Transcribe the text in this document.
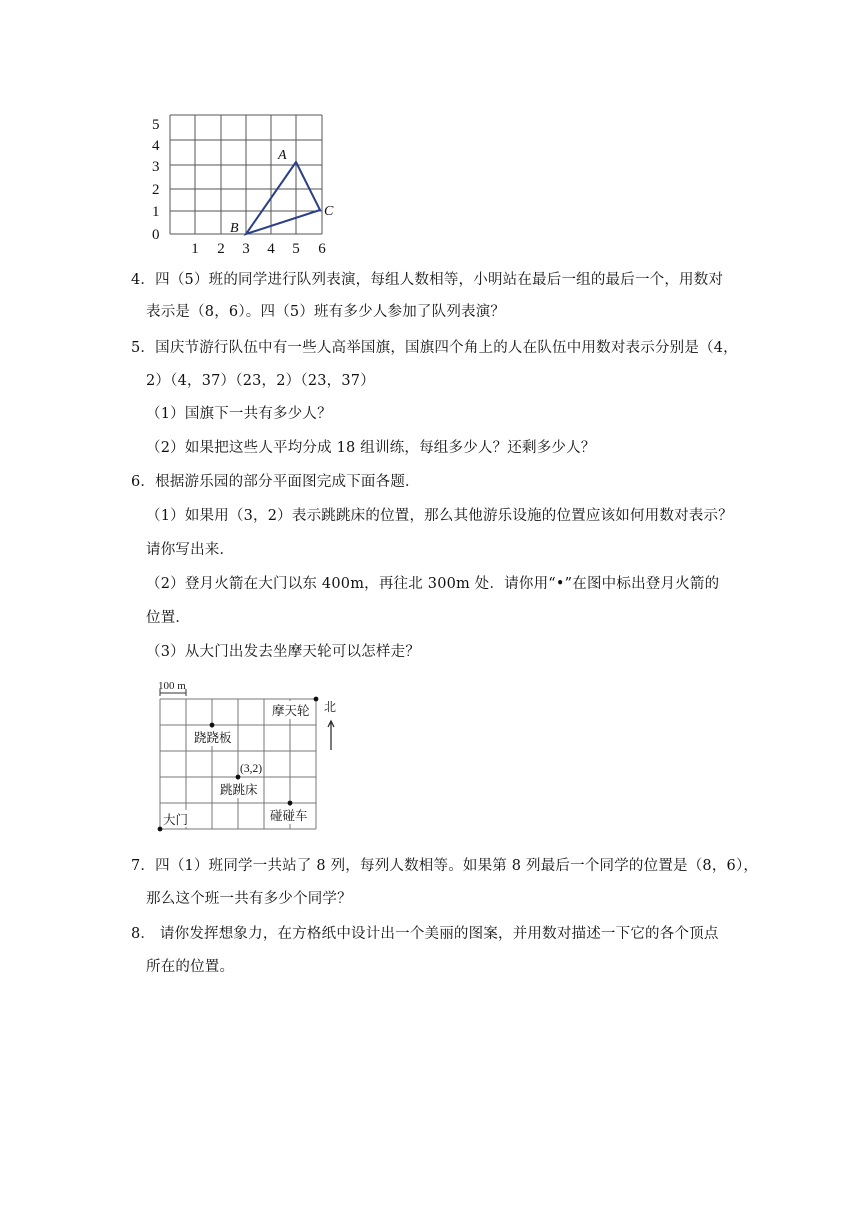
5
4
3
2
1
0
1 2 3 4 5 6
A
B
C
4．四（5）班的同学进行队列表演，每组人数相等，小明站在最后一组的最后一个，用数对
表示是（8，6）。四（5）班有多少人参加了队列表演？
5．国庆节游行队伍中有一些人高举国旗，国旗四个角上的人在队伍中用数对表示分别是（4，
2）（4，37）（23，2）（23，37）
（1）国旗下一共有多少人？
（2）如果把这些人平均分成 18 组训练，每组多少人？还剩多少人？
6．根据游乐园的部分平面图完成下面各题．
（1）如果用（3，2）表示跳跳床的位置，那么其他游乐设施的位置应该如何用数对表示？
请你写出来．
（2）登月火箭在大门以东 400m，再往北 300m 处．请你用“•”在图中标出登月火箭的
位置．
（3）从大门出发去坐摩天轮可以怎样走？
100 m
北
摩天轮
跷跷板
(3,2)
跳跳床
碰碰车
大门
7．四（1）班同学一共站了 8 列，每列人数相等。如果第 8 列最后一个同学的位置是（8，6），
那么这个班一共有多少个同学？
8． 请你发挥想象力，在方格纸中设计出一个美丽的图案，并用数对描述一下它的各个顶点
所在的位置。
